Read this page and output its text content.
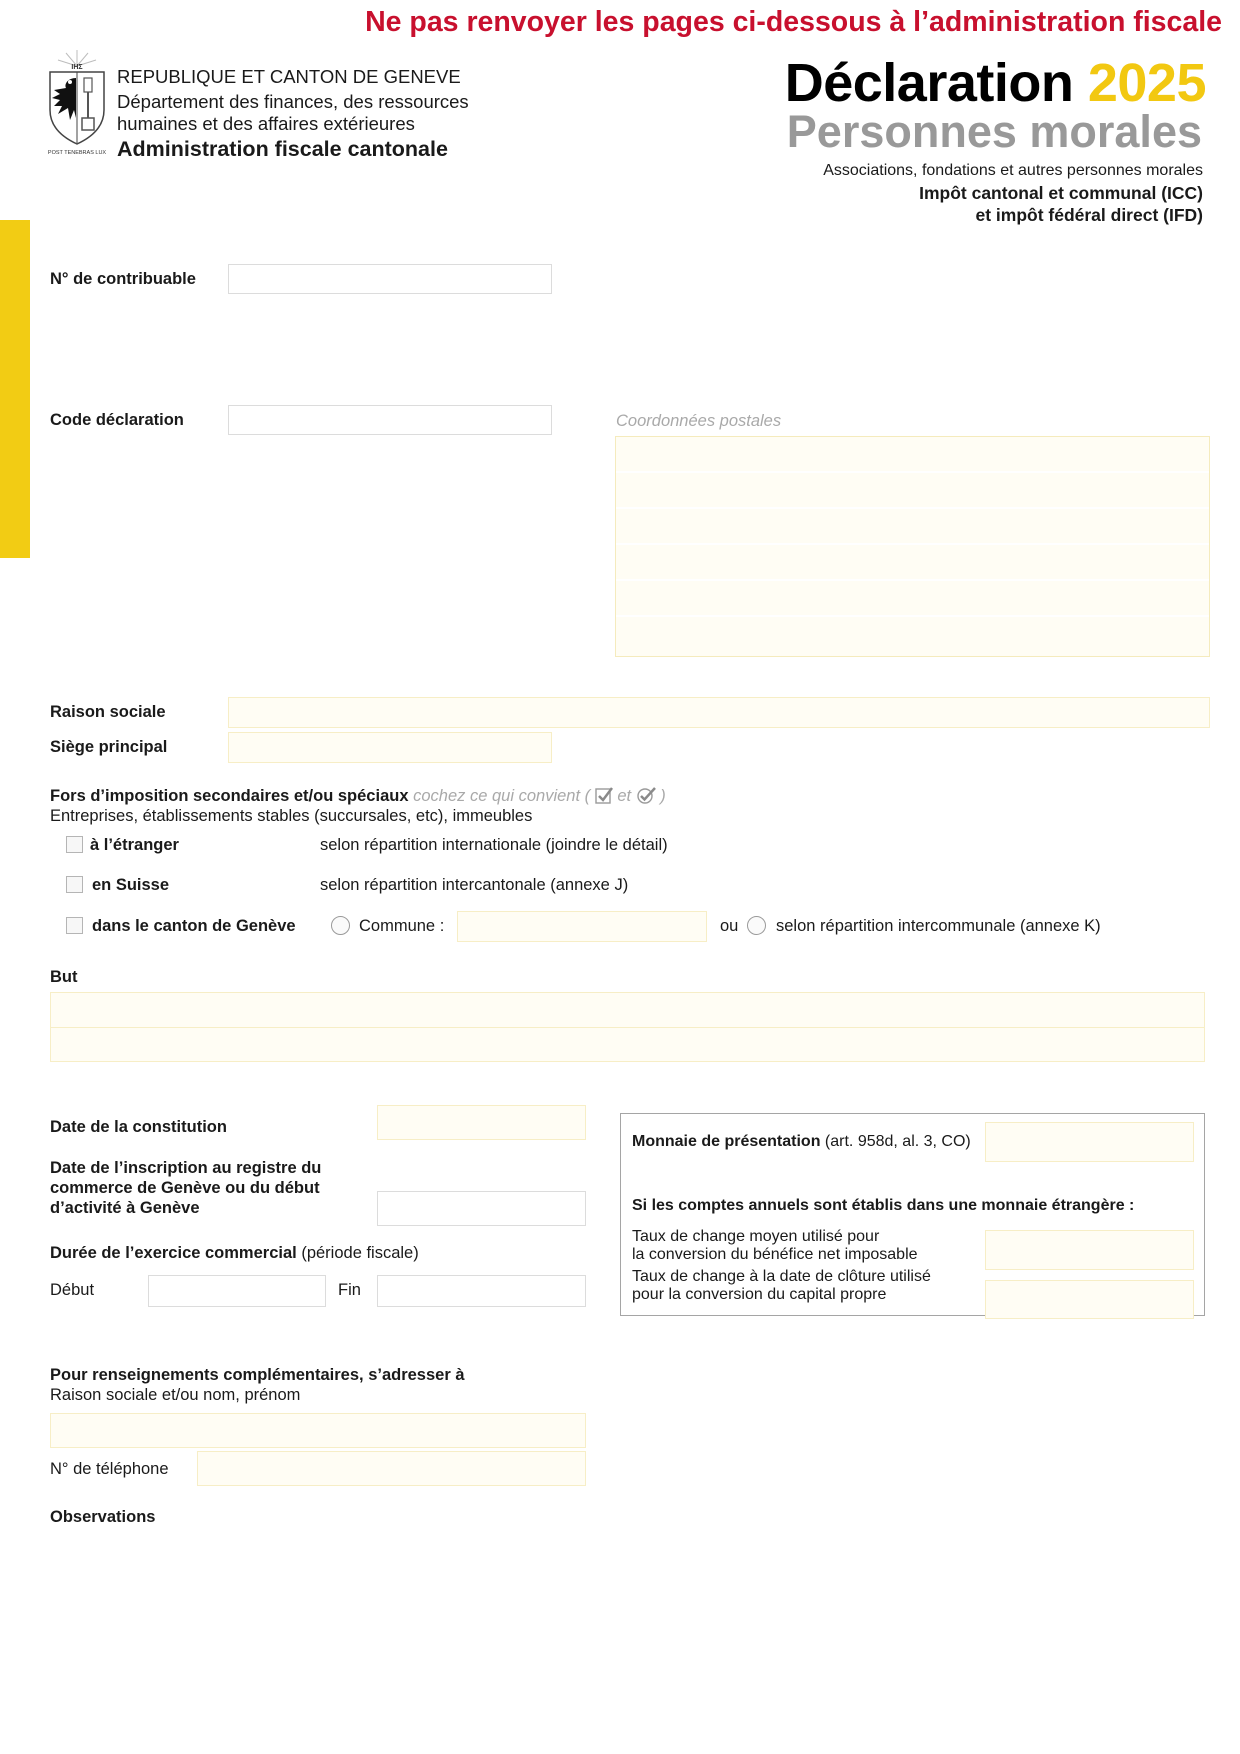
Ne pas renvoyer les pages ci-dessous à l’administration fiscale
IHΣ
POST TENEBRAS LUX
REPUBLIQUE ET CANTON DE GENEVE
Département des finances, des ressources
humaines et des affaires extérieures
Administration fiscale cantonale
Déclaration 2025
Personnes morales
Associations, fondations et autres personnes morales
Impôt cantonal et communal (ICC)
et impôt fédéral direct (IFD)
N° de contribuable
Code déclaration	Coordonnées postales
Raison sociale
Siège principal
Fors d’imposition secondaires et/ou spéciaux cochez ce qui convient ( et )
Entreprises, établissements stables (succursales, etc), immeubles
à l’étranger	selon répartition internationale (joindre le détail)
en Suisse	selon répartition intercantonale (annexe J)
dans le canton de Genève	Commune :	ou selon répartition intercommunale (annexe K)
But
Date de la constitution
Date de l’inscription au registre du
commerce de Genève ou du début
d’activité à Genève
Durée de l’exercice commercial (période fiscale)
Début	Fin
Monnaie de présentation (art. 958d, al. 3, CO)
Si les comptes annuels sont établis dans une monnaie étrangère :
Taux de change moyen utilisé pour
la conversion du bénéfice net imposable
Taux de change à la date de clôture utilisé
pour la conversion du capital propre
Pour renseignements complémentaires, s’adresser à
Raison sociale et/ou nom, prénom
N° de téléphone
Observations
